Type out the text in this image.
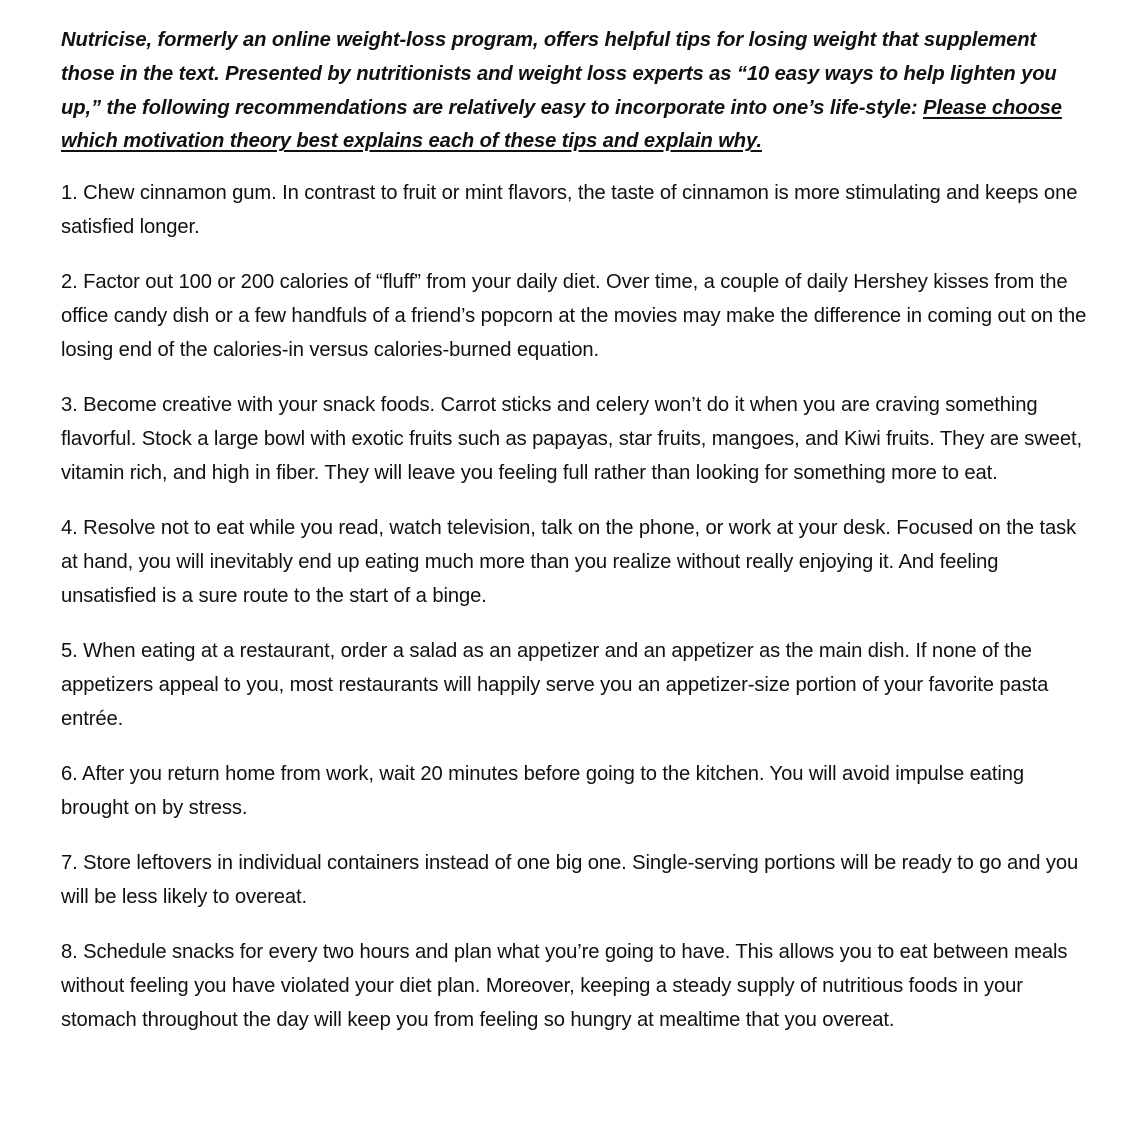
Nutricise, formerly an online weight-loss program, offers helpful tips for losing weight that supplement those in the text. Presented by nutritionists and weight loss experts as “10 easy ways to help lighten you up,” the following recommendations are relatively easy to incorporate into one’s life-style: Please choose which motivation theory best explains each of these tips and explain why.

1. Chew cinnamon gum. In contrast to fruit or mint flavors, the taste of cinnamon is more stimulating and keeps one satisfied longer.
2. Factor out 100 or 200 calories of “fluff” from your daily diet. Over time, a couple of daily Hershey kisses from the office candy dish or a few handfuls of a friend’s popcorn at the movies may make the difference in coming out on the losing end of the calories-in versus calories-burned equation.
3. Become creative with your snack foods. Carrot sticks and celery won’t do it when you are craving something flavorful. Stock a large bowl with exotic fruits such as papayas, star fruits, mangoes, and Kiwi fruits. They are sweet, vitamin rich, and high in fiber. They will leave you feeling full rather than looking for something more to eat.
4. Resolve not to eat while you read, watch television, talk on the phone, or work at your desk. Focused on the task at hand, you will inevitably end up eating much more than you realize without really enjoying it. And feeling unsatisfied is a sure route to the start of a binge.
5. When eating at a restaurant, order a salad as an appetizer and an appetizer as the main dish. If none of the appetizers appeal to you, most restaurants will happily serve you an appetizer-size portion of your favorite pasta entrée.
6. After you return home from work, wait 20 minutes before going to the kitchen. You will avoid impulse eating brought on by stress.
7. Store leftovers in individual containers instead of one big one. Single-serving portions will be ready to go and you will be less likely to overeat.
8. Schedule snacks for every two hours and plan what you’re going to have. This allows you to eat between meals without feeling you have violated your diet plan. Moreover, keeping a steady supply of nutritious foods in your stomach throughout the day will keep you from feeling so hungry at mealtime that you overeat.
